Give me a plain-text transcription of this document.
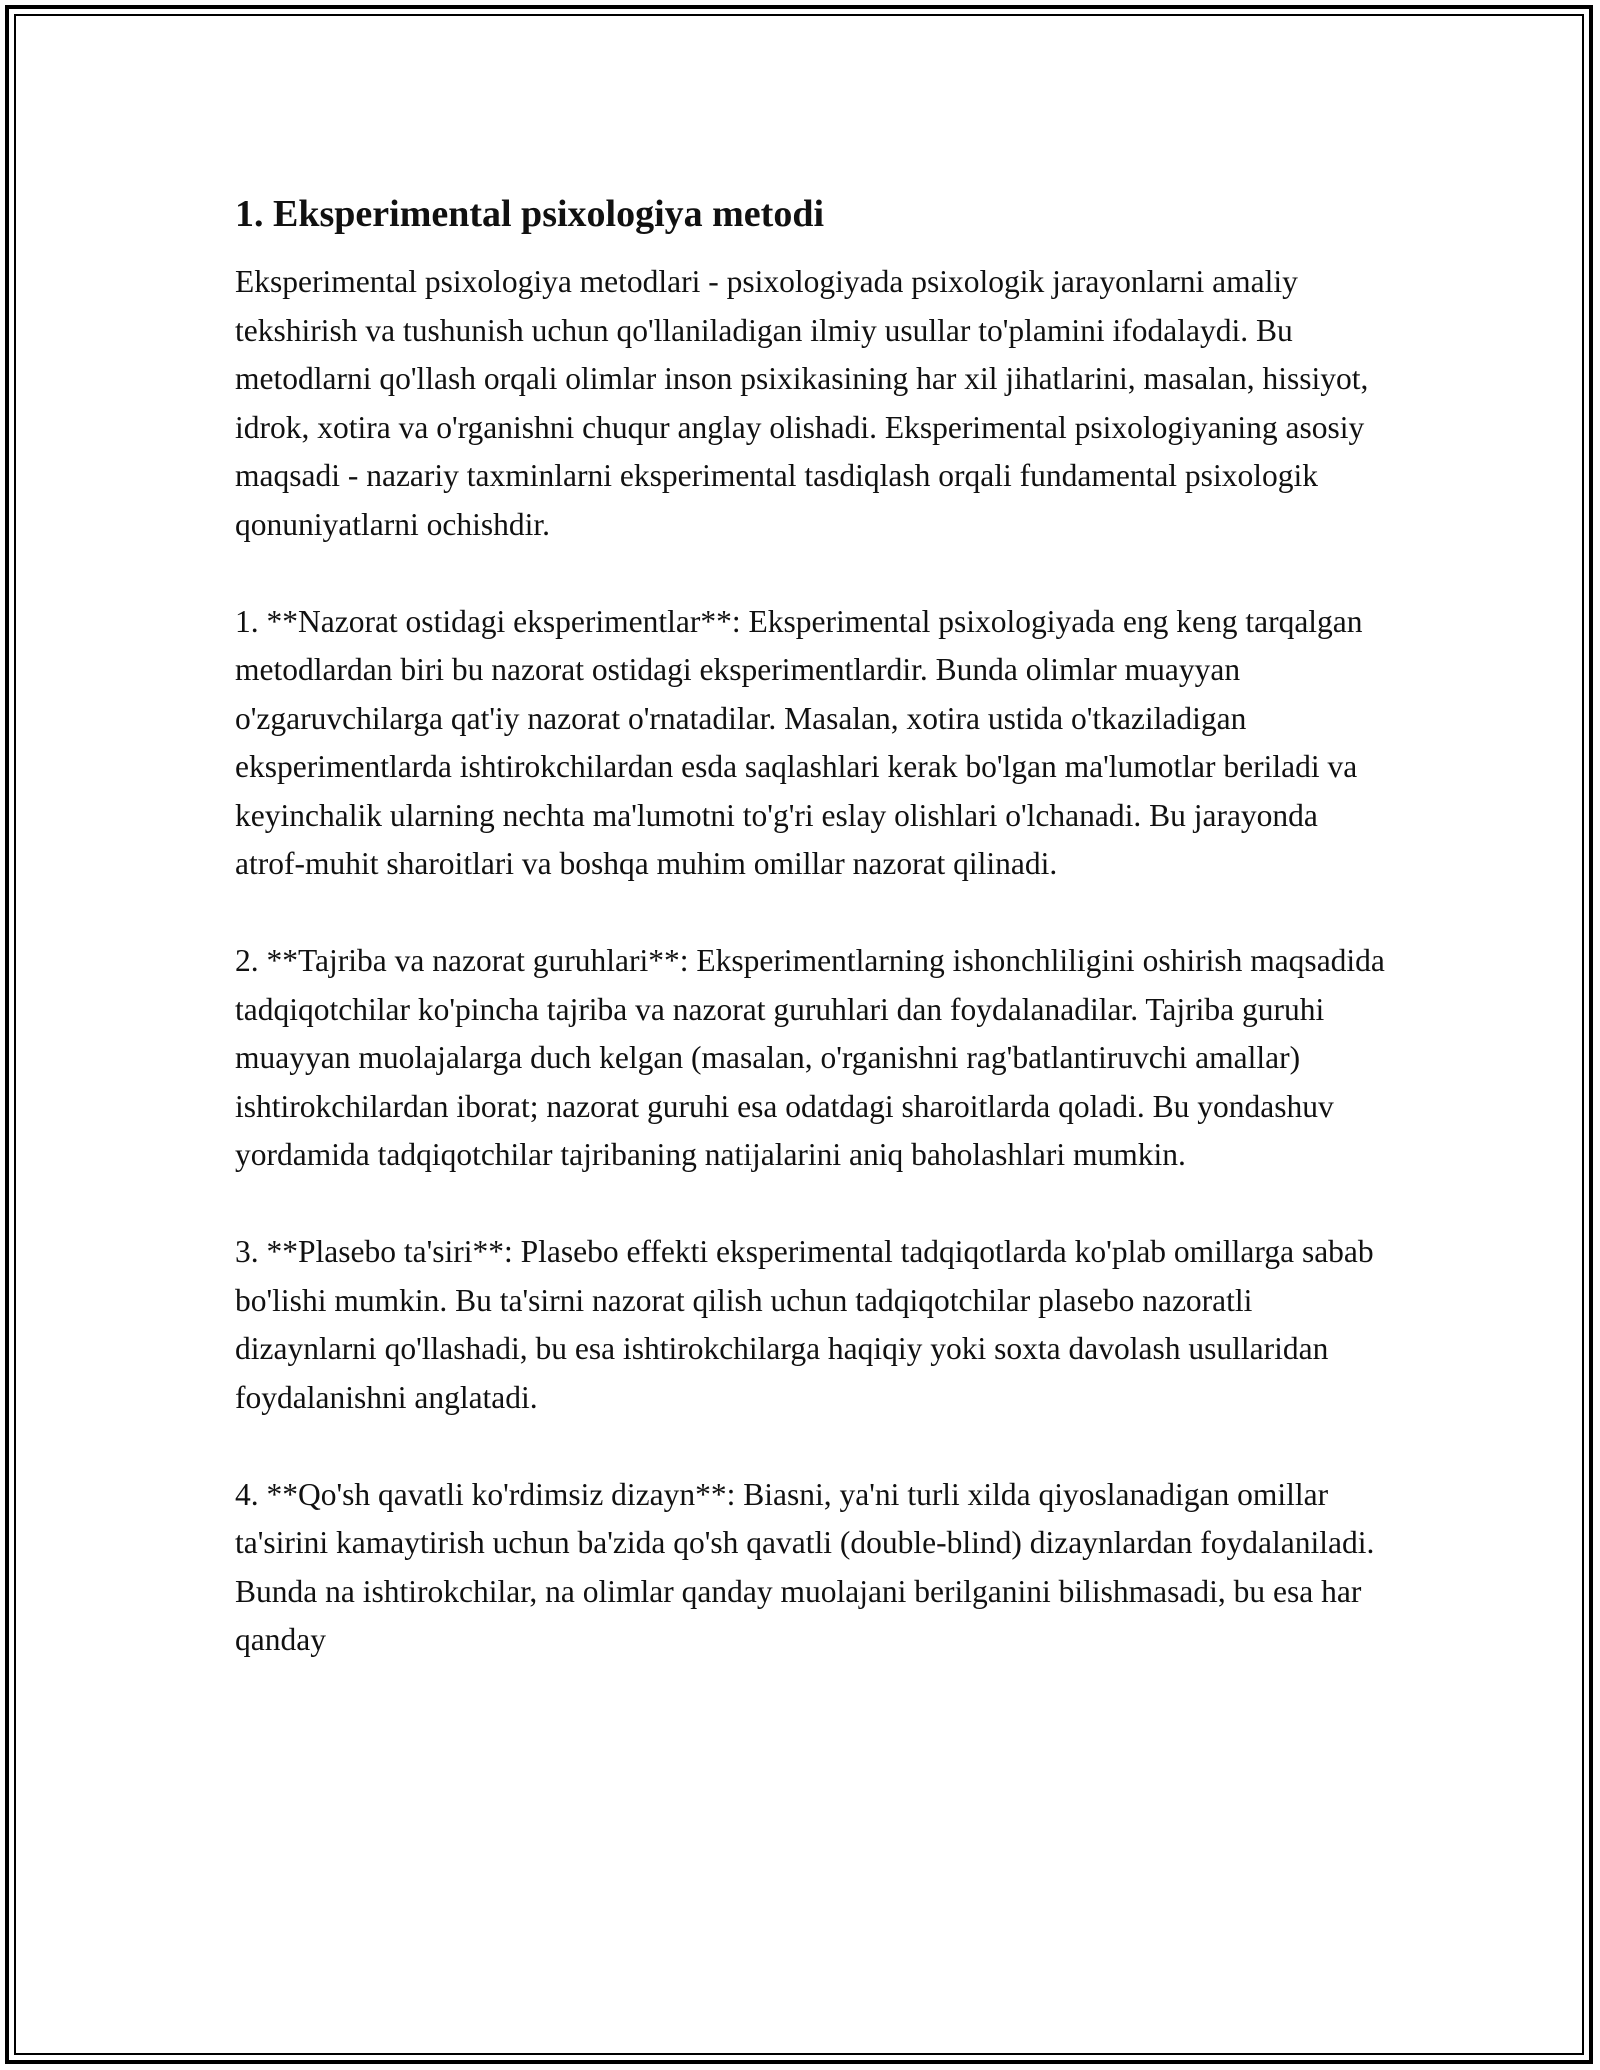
1. Eksperimental psixologiya metodi

Eksperimental psixologiya metodlari - psixologiyada psixologik jarayonlarni amaliy tekshirish va tushunish uchun qo'llaniladigan ilmiy usullar to'plamini ifodalaydi. Bu metodlarni qo'llash orqali olimlar inson psixikasining har xil jihatlarini, masalan, hissiyot, idrok, xotira va o'rganishni chuqur anglay olishadi. Eksperimental psixologiyaning asosiy maqsadi - nazariy taxminlarni eksperimental tasdiqlash orqali fundamental psixologik qonuniyatlarni ochishdir.

1. **Nazorat ostidagi eksperimentlar**: Eksperimental psixologiyada eng keng tarqalgan metodlardan biri bu nazorat ostidagi eksperimentlardir. Bunda olimlar muayyan o'zgaruvchilarga qat'iy nazorat o'rnatadilar. Masalan, xotira ustida o'tkaziladigan eksperimentlarda ishtirokchilardan esda saqlashlari kerak bo'lgan ma'lumotlar beriladi va keyinchalik ularning nechta ma'lumotni to'g'ri eslay olishlari o'lchanadi. Bu jarayonda atrof-muhit sharoitlari va boshqa muhim omillar nazorat qilinadi.

2. **Tajriba va nazorat guruhlari**: Eksperimentlarning ishonchliligini oshirish maqsadida tadqiqotchilar ko'pincha tajriba va nazorat guruhlari dan foydalanadilar. Tajriba guruhi muayyan muolajalarga duch kelgan (masalan, o'rganishni rag'batlantiruvchi amallar) ishtirokchilardan iborat; nazorat guruhi esa odatdagi sharoitlarda qoladi. Bu yondashuv yordamida tadqiqotchilar tajribaning natijalarini aniq baholashlari mumkin.

3. **Plasebo ta'siri**: Plasebo effekti eksperimental tadqiqotlarda ko'plab omillarga sabab bo'lishi mumkin. Bu ta'sirni nazorat qilish uchun tadqiqotchilar plasebo nazoratli dizaynlarni qo'llashadi, bu esa ishtirokchilarga haqiqiy yoki soxta davolash usullaridan foydalanishni anglatadi.

4. **Qo'sh qavatli ko'rdimsiz dizayn**: Biasni, ya'ni turli xilda qiyoslanadigan omillar ta'sirini kamaytirish uchun ba'zida qo'sh qavatli (double-blind) dizaynlardan foydalaniladi. Bunda na ishtirokchilar, na olimlar qanday muolajani berilganini bilishmasadi, bu esa har qanday
